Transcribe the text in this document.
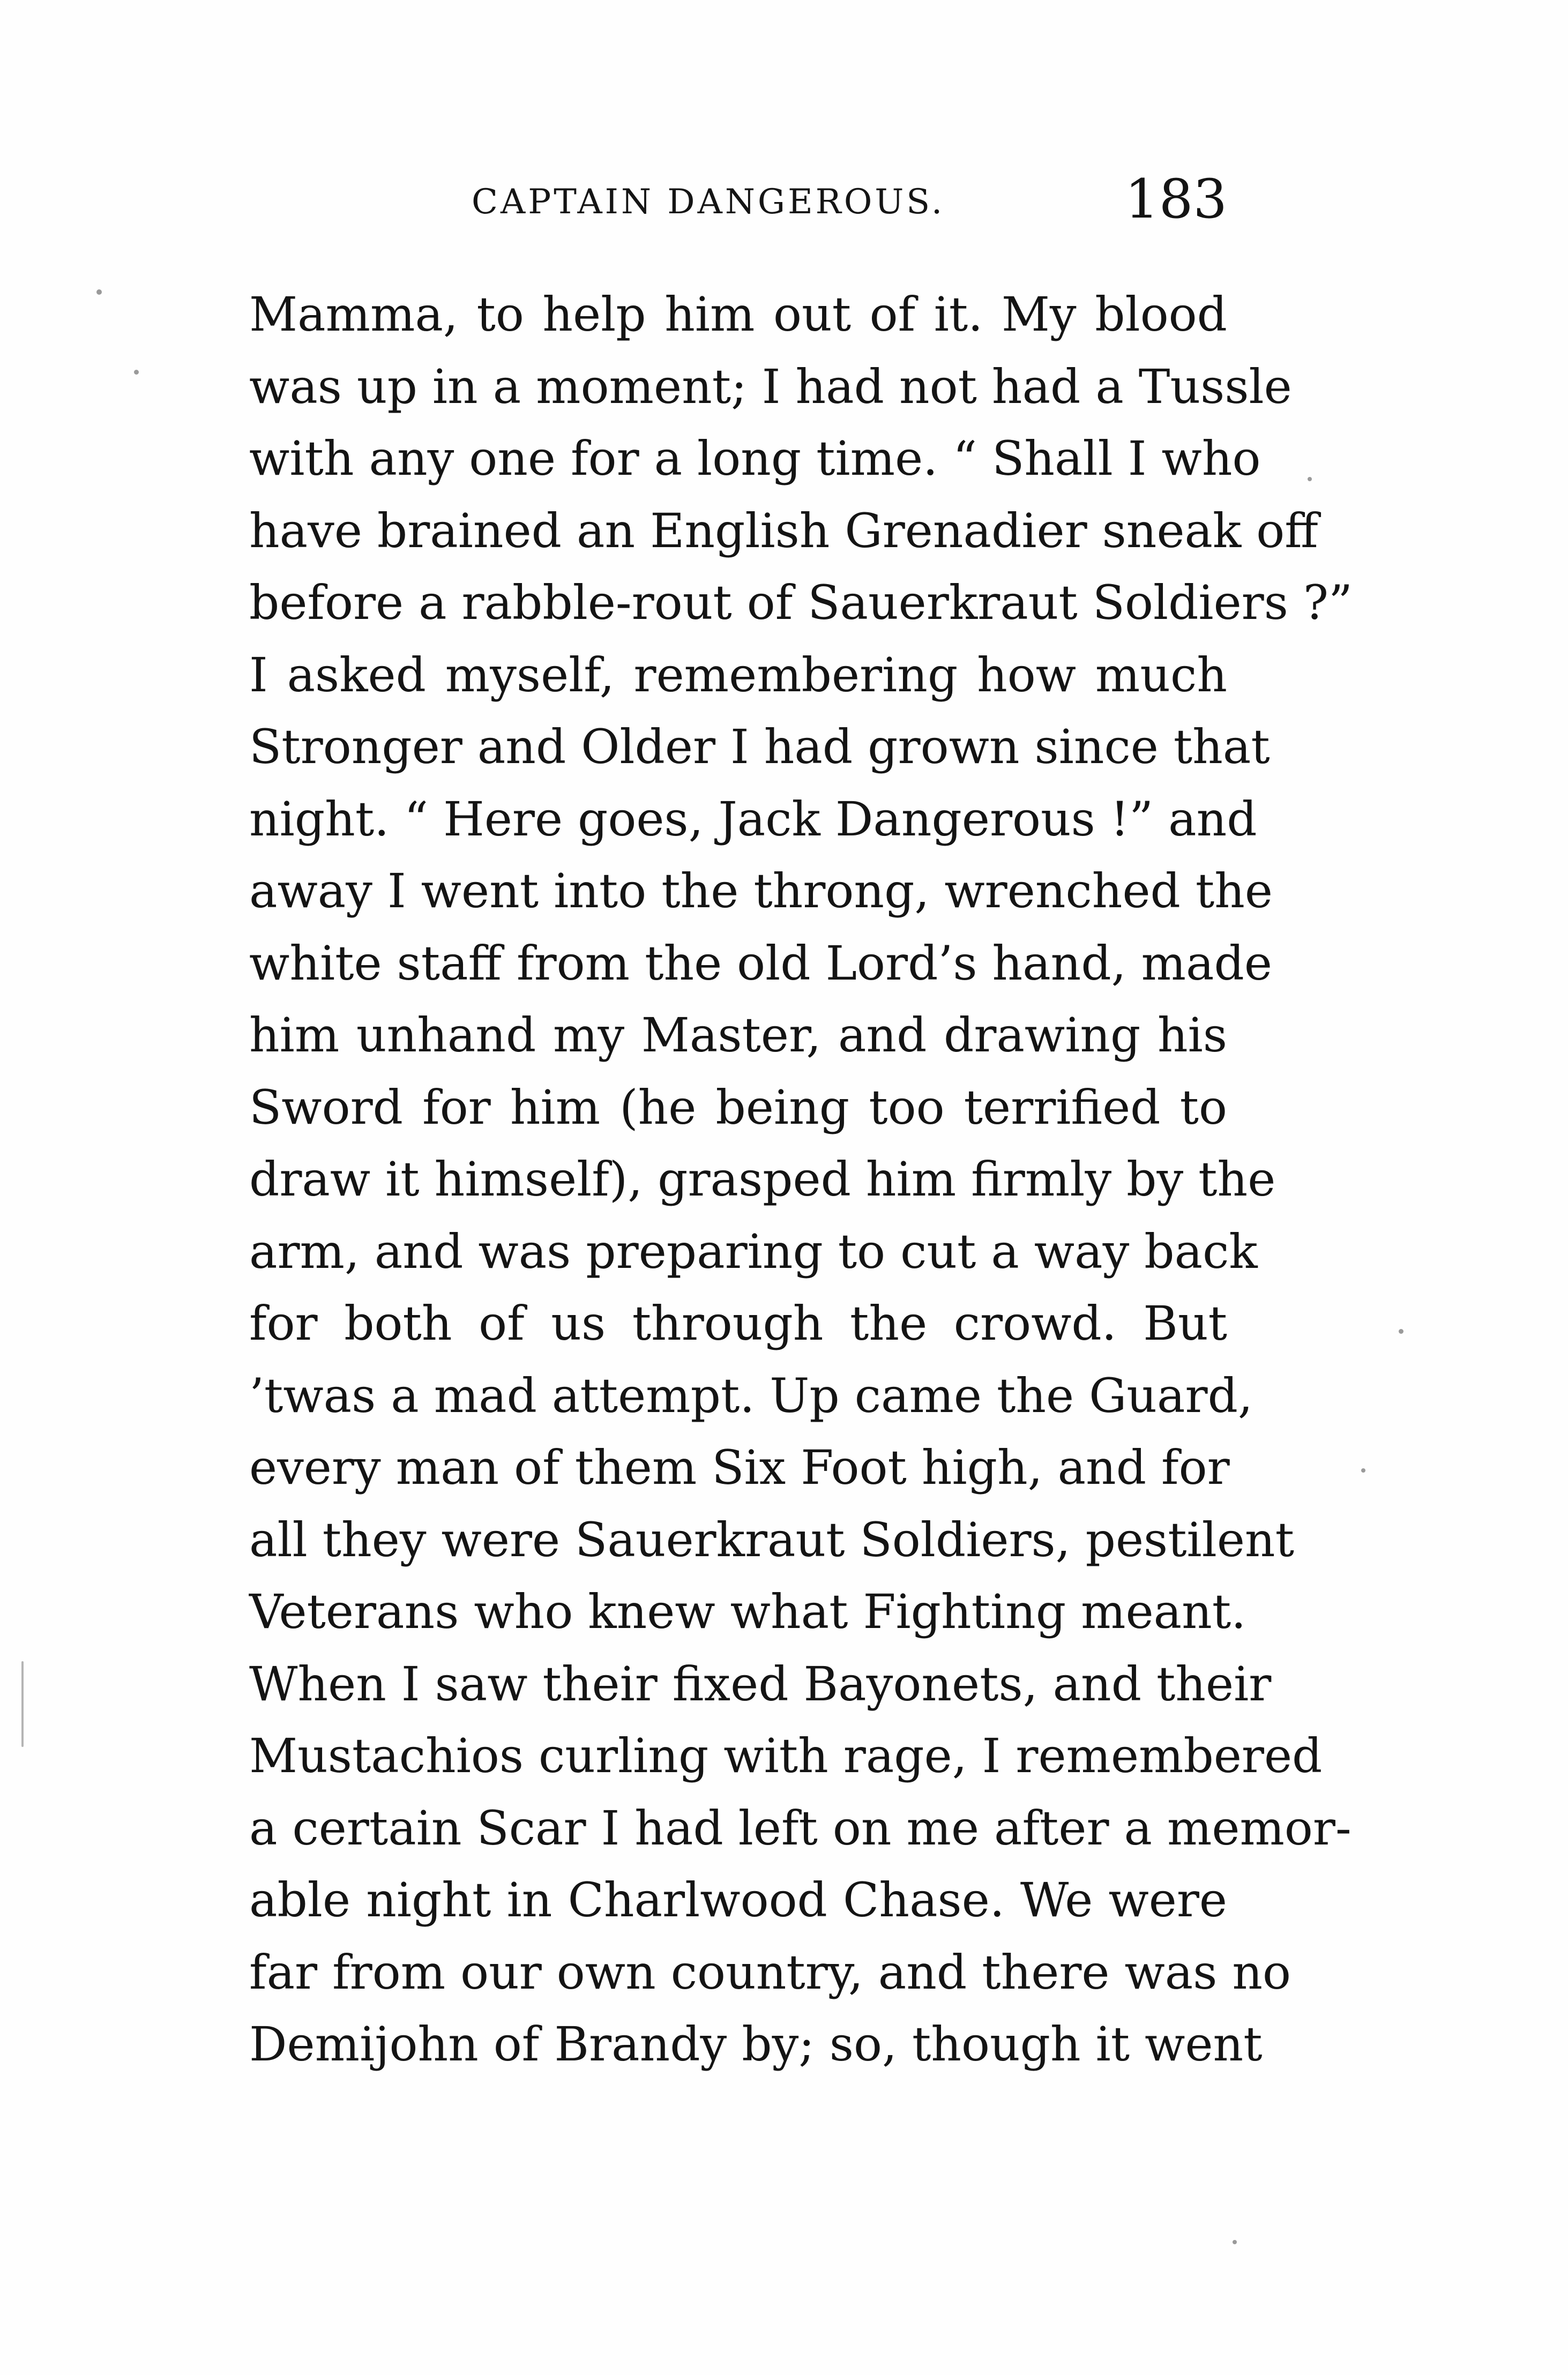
CAPTAIN DANGEROUS.	183
Mamma, to help him out of it. My blood
was up in a moment; I had not had a Tussle
with any one for a long time. “ Shall I who
have brained an English Grenadier sneak off
before a rabble-rout of Sauerkraut Soldiers ?”
I asked myself, remembering how much
Stronger and Older I had grown since that
night. “ Here goes, Jack Dangerous !” and
away I went into the throng, wrenched the
white staff from the old Lord’s hand, made
him unhand my Master, and drawing his
Sword for him (he being too terrified to
draw it himself), grasped him firmly by the
arm, and was preparing to cut a way back
for both of us through the crowd. But
’twas a mad attempt. Up came the Guard,
every man of them Six Foot high, and for
all they were Sauerkraut Soldiers, pestilent
Veterans who knew what Fighting meant.
When I saw their fixed Bayonets, and their
Mustachios curling with rage, I remembered
a certain Scar I had left on me after a memor-
able night in Charlwood Chase. We were
far from our own country, and there was no
Demijohn of Brandy by; so, though it went
